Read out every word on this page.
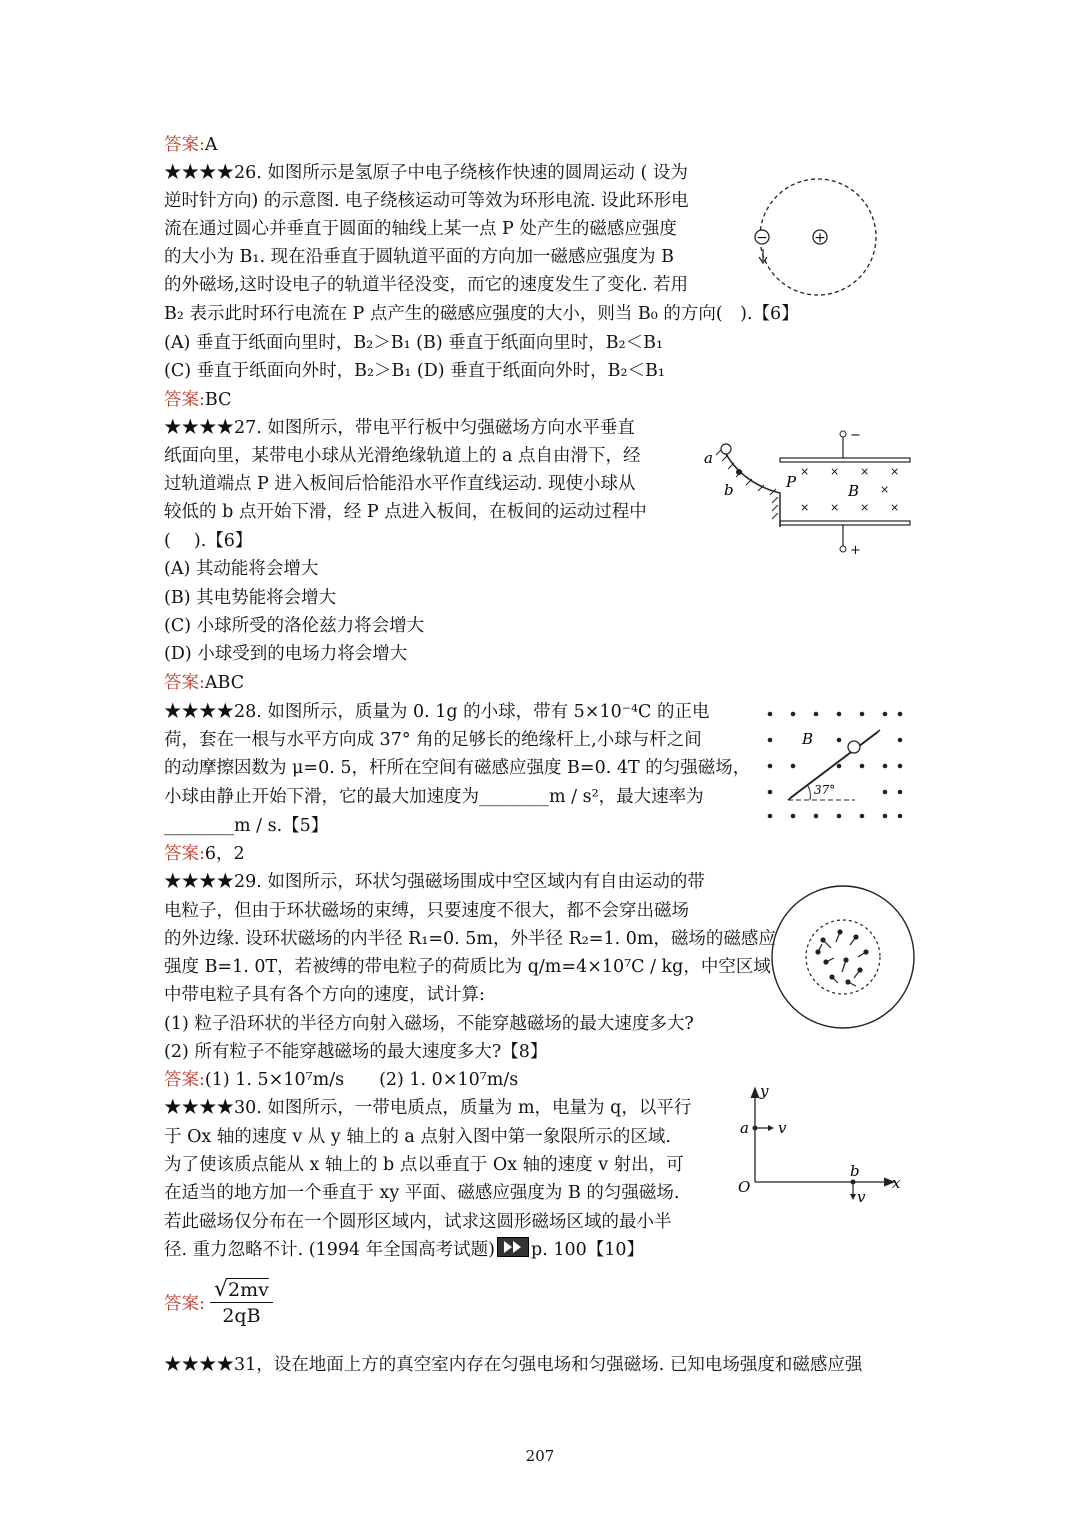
答案:A
★★★★26. 如图所示是氢原子中电子绕核作快速的圆周运动 ( 设为
逆时针方向) 的示意图. 电子绕核运动可等效为环形电流. 设此环形电
流在通过圆心并垂直于圆面的轴线上某一点 P 处产生的磁感应强度
的大小为 B₁. 现在沿垂直于圆轨道平面的方向加一磁感应强度为 B
的外磁场,这时设电子的轨道半径没变，而它的速度发生了变化. 若用
B₂ 表示此时环行电流在 P 点产生的磁感应强度的大小，则当 B₀ 的方向(　).【6】
(A) 垂直于纸面向里时，B₂＞B₁ (B) 垂直于纸面向里时，B₂＜B₁
(C) 垂直于纸面向外时，B₂＞B₁ (D) 垂直于纸面向外时，B₂＜B₁
+
−
答案:BC
★★★★27. 如图所示，带电平行板中匀强磁场方向水平垂直
纸面向里，某带电小球从光滑绝缘轨道上的 a 点自由滑下，经
过轨道端点 P 进入板间后恰能沿水平作直线运动. 现使小球从
较低的 b 点开始下滑，经 P 点进入板间，在板间的运动过程中
(　 ).【6】
(A) 其动能将会增大
(B) 其电势能将会增大
(C) 小球所受的洛伦兹力将会增大
(D) 小球受到的电场力将会增大
a
b	P
−
+
B
× × × ×
×
× × × ×
答案:ABC
★★★★28. 如图所示，质量为 0. 1g 的小球，带有 5×10⁻⁴C 的正电
荷，套在一根与水平方向成 37° 角的足够长的绝缘杆上,小球与杆之间
的动摩擦因数为 μ=0. 5，杆所在空间有磁感应强度 B=0. 4T 的匀强磁场，
小球由静止开始下滑，它的最大加速度为________m / s²，最大速率为
________m / s.【5】
B
37°
答案:6，2
★★★★29. 如图所示，环状匀强磁场围成中空区域内有自由运动的带
电粒子，但由于环状磁场的束缚，只要速度不很大，都不会穿出磁场
的外边缘. 设环状磁场的内半径 R₁=0. 5m，外半径 R₂=1. 0m，磁场的磁感应
强度 B=1. 0T，若被缚的带电粒子的荷质比为 q/m=4×10⁷C / kg，中空区域
中带电粒子具有各个方向的速度，试计算:
(1) 粒子沿环状的半径方向射入磁场，不能穿越磁场的最大速度多大?
(2) 所有粒子不能穿越磁场的最大速度多大?【8】
答案:(1) 1. 5×10⁷m/s　　(2) 1. 0×10⁷m/s
★★★★30. 如图所示，一带电质点，质量为 m，电量为 q，以平行
于 Ox 轴的速度 v 从 y 轴上的 a 点射入图中第一象限所示的区域.
为了使该质点能从 x 轴上的 b 点以垂直于 Ox 轴的速度 v 射出，可
在适当的地方加一个垂直于 xy 平面、磁感应强度为 B 的匀强磁场.
若此磁场仅分布在一个圆形区域内，试求这圆形磁场区域的最小半
径. 重力忽略不计. (1994 年全国高考试题) p. 100【10】
y
x
O
a v
b
v
答案: $\frac{√2mv}{2qB}$
★★★★31，设在地面上方的真空室内存在匀强电场和匀强磁场. 已知电场强度和磁感应强
207
